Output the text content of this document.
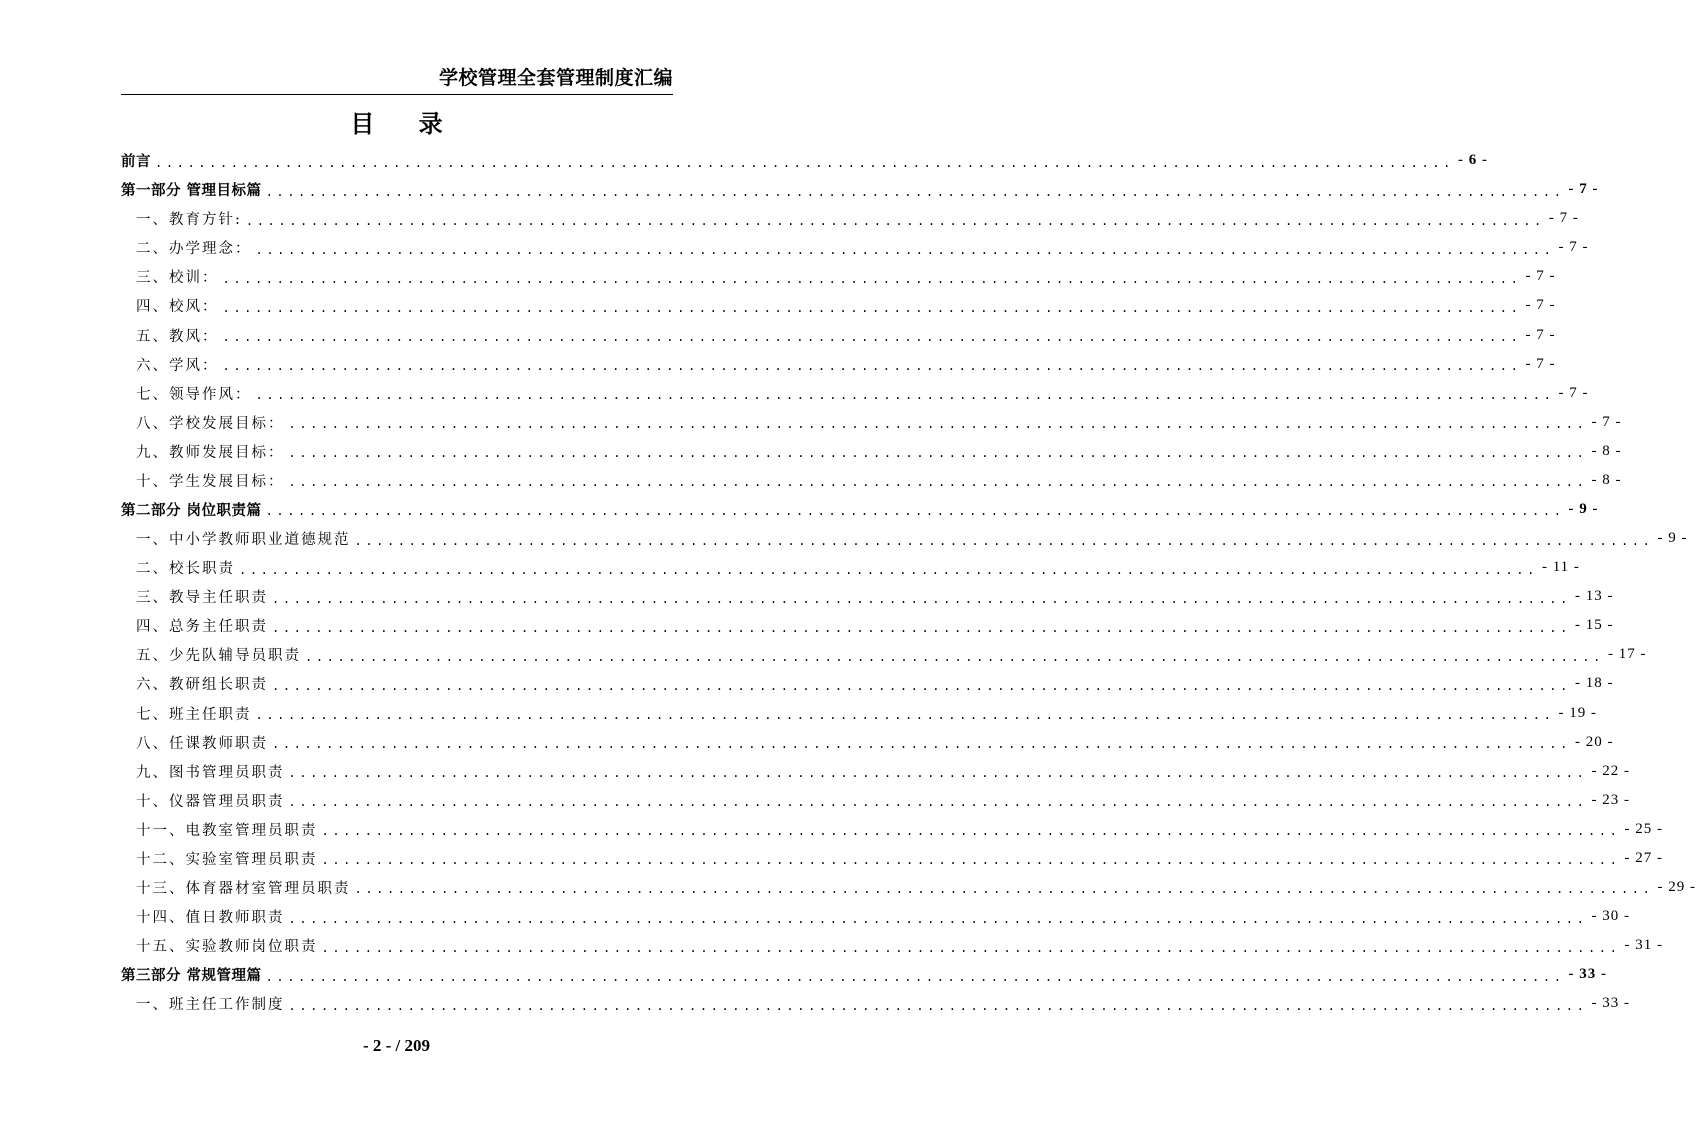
学校管理全套管理制度汇编
目 录
前言 ........................................................................................................................ - 6 -
第一部分 管理目标篇 ........................................................................................................................ - 7 -
一、教育方针: ........................................................................................................................ - 7 -
二、办学理念： ........................................................................................................................ - 7 -
三、校训： ........................................................................................................................ - 7 -
四、校风： ........................................................................................................................ - 7 -
五、教风： ........................................................................................................................ - 7 -
六、学风： ........................................................................................................................ - 7 -
七、领导作风： ........................................................................................................................ - 7 -
八、学校发展目标： ........................................................................................................................ - 7 -
九、教师发展目标： ........................................................................................................................ - 8 -
十、学生发展目标： ........................................................................................................................ - 8 -
第二部分 岗位职责篇 ........................................................................................................................ - 9 -
一、中小学教师职业道德规范 ........................................................................................................................ - 9 -
二、校长职责 ........................................................................................................................ - 11 -
三、教导主任职责 ........................................................................................................................ - 13 -
四、总务主任职责 ........................................................................................................................ - 15 -
五、少先队辅导员职责 ........................................................................................................................ - 17 -
六、教研组长职责 ........................................................................................................................ - 18 -
七、班主任职责 ........................................................................................................................ - 19 -
八、任课教师职责 ........................................................................................................................ - 20 -
九、图书管理员职责 ........................................................................................................................ - 22 -
十、仪器管理员职责 ........................................................................................................................ - 23 -
十一、电教室管理员职责 ........................................................................................................................ - 25 -
十二、实验室管理员职责 ........................................................................................................................ - 27 -
十三、体育器材室管理员职责 ........................................................................................................................ - 29 -
十四、值日教师职责 ........................................................................................................................ - 30 -
十五、实验教师岗位职责 ........................................................................................................................ - 31 -
第三部分 常规管理篇 ........................................................................................................................ - 33 -
一、班主任工作制度 ........................................................................................................................ - 33 -
- 2 - / 209
